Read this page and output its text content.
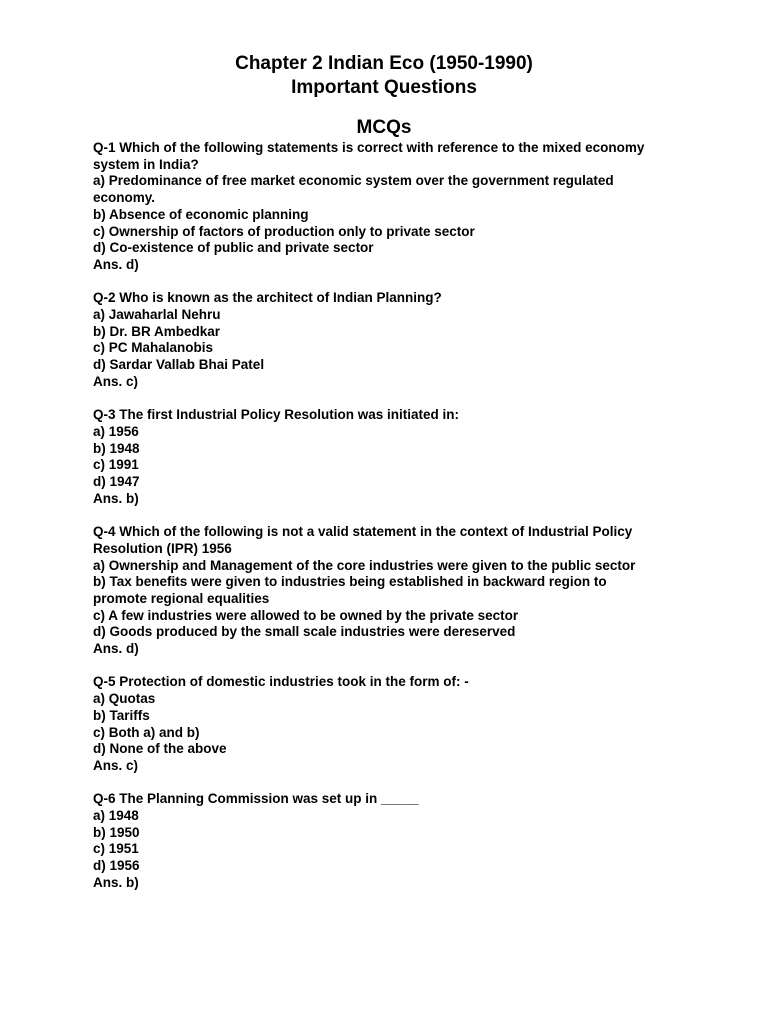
Chapter 2 Indian Eco (1950-1990)

Important Questions

MCQs

Q-1 Which of the following statements is correct with reference to the mixed economy
system in India?
a) Predominance of free market economic system over the government regulated
economy.
b) Absence of economic planning
c) Ownership of factors of production only to private sector
d) Co-existence of public and private sector
Ans. d)
Q-2 Who is known as the architect of Indian Planning?
a) Jawaharlal Nehru
b) Dr. BR Ambedkar
c) PC Mahalanobis
d) Sardar Vallab Bhai Patel
Ans. c)
Q-3 The first Industrial Policy Resolution was initiated in:
a) 1956
b) 1948
c) 1991
d) 1947
Ans. b)
Q-4 Which of the following is not a valid statement in the context of Industrial Policy
Resolution (IPR) 1956
a) Ownership and Management of the core industries were given to the public sector
b) Tax benefits were given to industries being established in backward region to
promote regional equalities
c) A few industries were allowed to be owned by the private sector
d) Goods produced by the small scale industries were dereserved
Ans. d)
Q-5 Protection of domestic industries took in the form of: -
a) Quotas
b) Tariffs
c) Both a) and b)
d) None of the above
Ans. c)
Q-6 The Planning Commission was set up in _____
a) 1948
b) 1950
c) 1951
d) 1956
Ans. b)
